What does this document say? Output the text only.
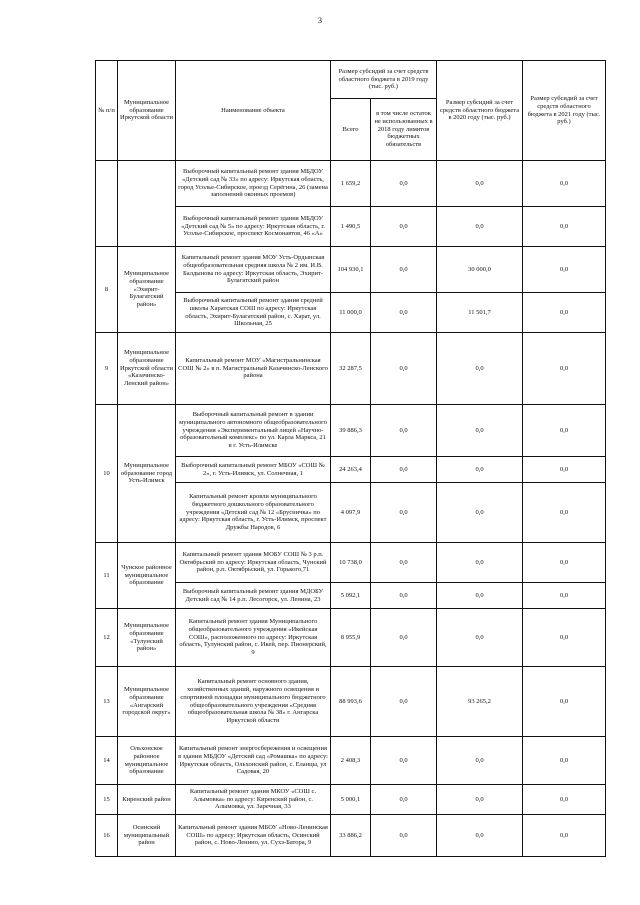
3
№ п/п	Муниципальное образование Иркутской области	Наименование объекта	Размер субсидий за счет средств областного бюджета в 2019 году (тыс. руб.)		Размер субсидий за счет средств областного бюджета в 2020 году (тыс. руб.)	Размер субсидий за счет средств областного бюджета в 2021 году (тыс. руб.)
			Всего	в том числе остаток не использованных в 2018 году лимитов бюджетных обязательств		
		Выборочный капитальный ремонт здания МБДОУ «Детский сад № 33» по адресу: Иркутская область, город Усолье-Сибирское, проезд Серёгина, 26 (замена заполнений оконных проемов)	1 659,2	0,0	0,0	0,0
		Выборочный капитальный ремонт здания МБДОУ «Детский сад № 5» по адресу: Иркутская область, г. Усолье-Сибирское, проспект Космонавтов, 46 «А»	1 490,5	0,0	0,0	0,0
8	Муниципальное образование «Эхирит-Булагатский район»	Капитальный ремонт здания МОУ Усть-Ордынская общеобразовательная средняя школа № 2 им. И.В. Балдынова по адресу: Иркутская область, Эхирит-Булагатский район	104 930,1	0,0	30 000,0	0,0
		Выборочный капитальный ремонт здания средней школы Харатская СОШ по адресу: Иркутская область, Эхирит-Булагатский район, с. Харат, ул. Школьная, 25	11 000,0	0,0	11 501,7	0,0
9	Муниципальное образование Иркутской области «Казачинско-Ленский район»	Капитальный ремонт МОУ «Магистральнинская СОШ № 2» в п. Магистральный Казачинско-Ленского района	32 287,5	0,0	0,0	0,0
10	Муниципальное образование город Усть-Илимск	Выборочный капитальный ремонт в здании муниципального автономного общеобразовательного учреждения «Экспериментальный лицей «Научно-образовательный комплекс» по ул. Карла Маркса, 21 в г. Усть-Илимске	39 886,3	0,0	0,0	0,0
		Выборочный капитальный ремонт МБОУ «СОШ № 2», г. Усть-Илимск, ул. Солнечная, 1	24 263,4	0,0	0,0	0,0
		Капитальный ремонт кровли муниципального бюджетного дошкольного образовательного учреждения «Детский сад № 12 «Брусничка» по адресу: Иркутская область, г. Усть-Илимск, проспект Дружбы Народов, 6	4 097,9	0,0	0,0	0,0
11	Чунское районное муниципальное образование	Капитальный ремонт здания МОБУ СОШ № 3 р.п. Октябрьский по адресу: Иркутская область, Чунский район, р.п. Октябрьский, ул. Горького,71	10 738,0	0,0	0,0	0,0
		Выборочный капитальный ремонт здания МДОБУ Детский сад № 14 р.п. Лесогорск, ул. Ленина, 23	5 092,1	0,0	0,0	0,0
12	Муниципальное образование «Тулунский район»	Капитальный ремонт здания Муниципального общеобразовательного учреждения «Икейская СОШ», расположенного по адресу: Иркутская область, Тулунский район, с. Икей, пер. Пионерский, 9	8 955,9	0,0	0,0	0,0
13	Муниципальное образование «Ангарский городской округ»	Капитальный ремонт основного здания, хозяйственных зданий, наружного освещения и спортивной площадки муниципального бюджетного общеобразовательного учреждения «Средняя общеобразовательная школа № 38» г. Ангарска Иркутской области	88 993,6	0,0	93 265,2	0,0
14	Ольхонское районное муниципальное образование	Капитальный ремонт энергосбережения и освещения в здании МБДОУ «Детский сад «Ромашка» по адресу: Иркутская область, Ольхонский район, с. Еланцы, ул Садовая, 20	2 408,3	0,0	0,0	0,0
15	Киренский район	Капитальный ремонт здания МКОУ «СОШ с. Алымовка» по адресу: Киренский район, с. Алымовка, ул. Заречная, 33	5 000,1	0,0	0,0	0,0
16	Осинский муниципальный район	Капитальный ремонт здания МБОУ «Ново-Ленинская СОШ» по адресу: Иркутская область, Осинский район, с. Ново-Ленино, ул. Сухэ-Батора, 9	33 886,2	0,0	0,0	0,0
